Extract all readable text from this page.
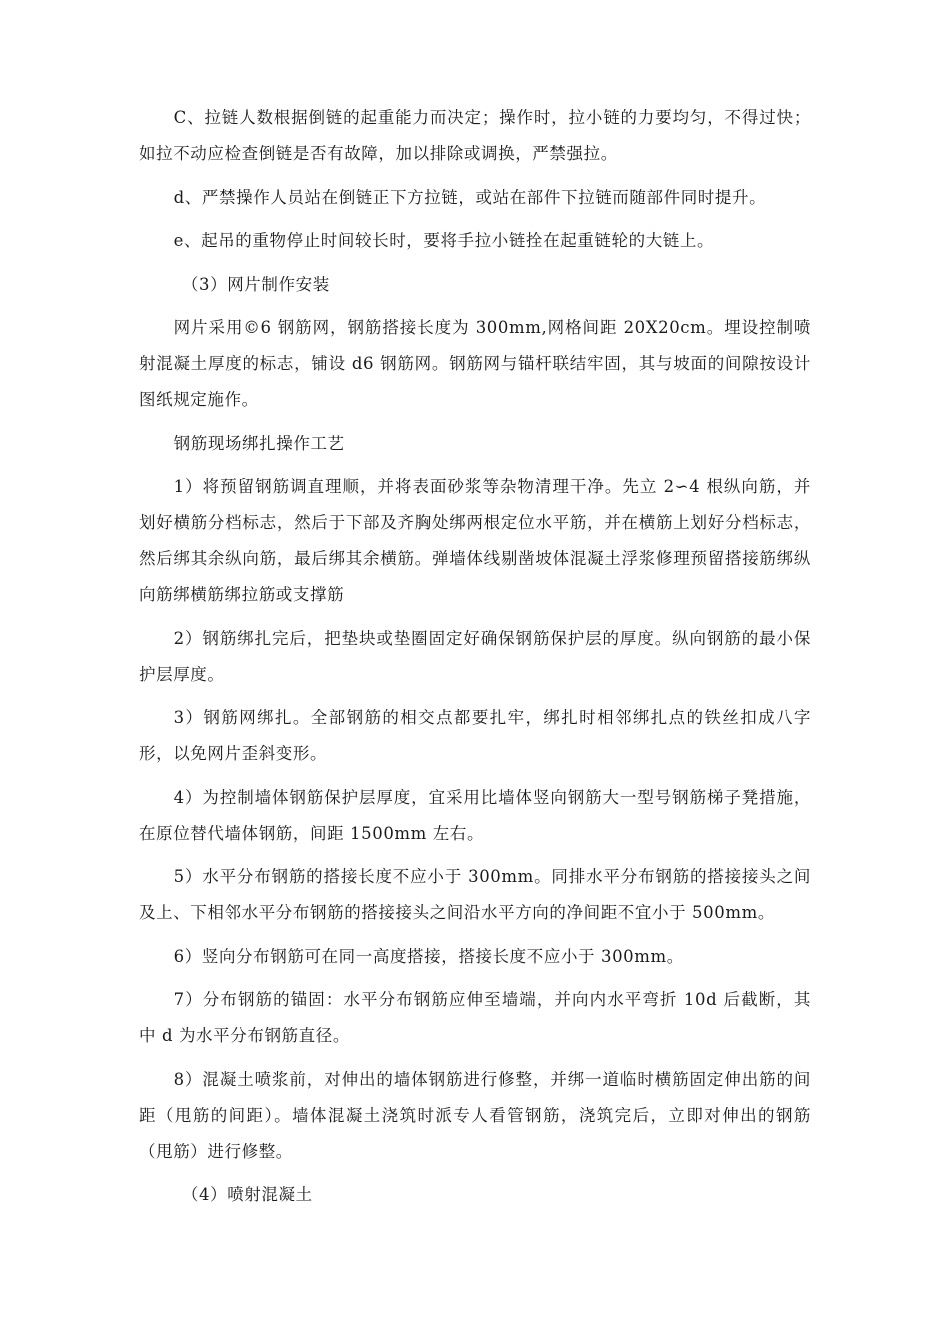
C、拉链人数根据倒链的起重能力而决定；操作时，拉小链的力要均匀，不得过快；如拉不动应检查倒链是否有故障，加以排除或调换，严禁强拉。

d、严禁操作人员站在倒链正下方拉链，或站在部件下拉链而随部件同时提升。

e、起吊的重物停止时间较长时，要将手拉小链拴在起重链轮的大链上。

（3）网片制作安装

网片采用©6 钢筋网，钢筋搭接长度为 300mm,网格间距 20X20cm。埋设控制喷射混凝土厚度的标志，铺设 d6 钢筋网。钢筋网与锚杆联结牢固，其与坡面的间隙按设计图纸规定施作。

钢筋现场绑扎操作工艺

1）将预留钢筋调直理顺，并将表面砂浆等杂物清理干净。先立 2∽4 根纵向筋，并划好横筋分档标志，然后于下部及齐胸处绑两根定位水平筋，并在横筋上划好分档标志，然后绑其余纵向筋，最后绑其余横筋。弹墙体线剔凿坡体混凝土浮浆修理预留搭接筋绑纵向筋绑横筋绑拉筋或支撑筋

2）钢筋绑扎完后，把垫块或垫圈固定好确保钢筋保护层的厚度。纵向钢筋的最小保护层厚度。

3）钢筋网绑扎。全部钢筋的相交点都要扎牢，绑扎时相邻绑扎点的铁丝扣成八字形，以免网片歪斜变形。

4）为控制墙体钢筋保护层厚度，宜采用比墙体竖向钢筋大一型号钢筋梯子凳措施，在原位替代墙体钢筋，间距 1500mm 左右。

5）水平分布钢筋的搭接长度不应小于 300mm。同排水平分布钢筋的搭接接头之间及上、下相邻水平分布钢筋的搭接接头之间沿水平方向的净间距不宜小于 500mm。

6）竖向分布钢筋可在同一高度搭接，搭接长度不应小于 300mm。

7）分布钢筋的锚固：水平分布钢筋应伸至墙端，并向内水平弯折 10d 后截断，其中 d 为水平分布钢筋直径。

8）混凝土喷浆前，对伸出的墙体钢筋进行修整，并绑一道临时横筋固定伸出筋的间距（甩筋的间距）。墙体混凝土浇筑时派专人看管钢筋，浇筑完后，立即对伸出的钢筋（甩筋）进行修整。

（4）喷射混凝土
